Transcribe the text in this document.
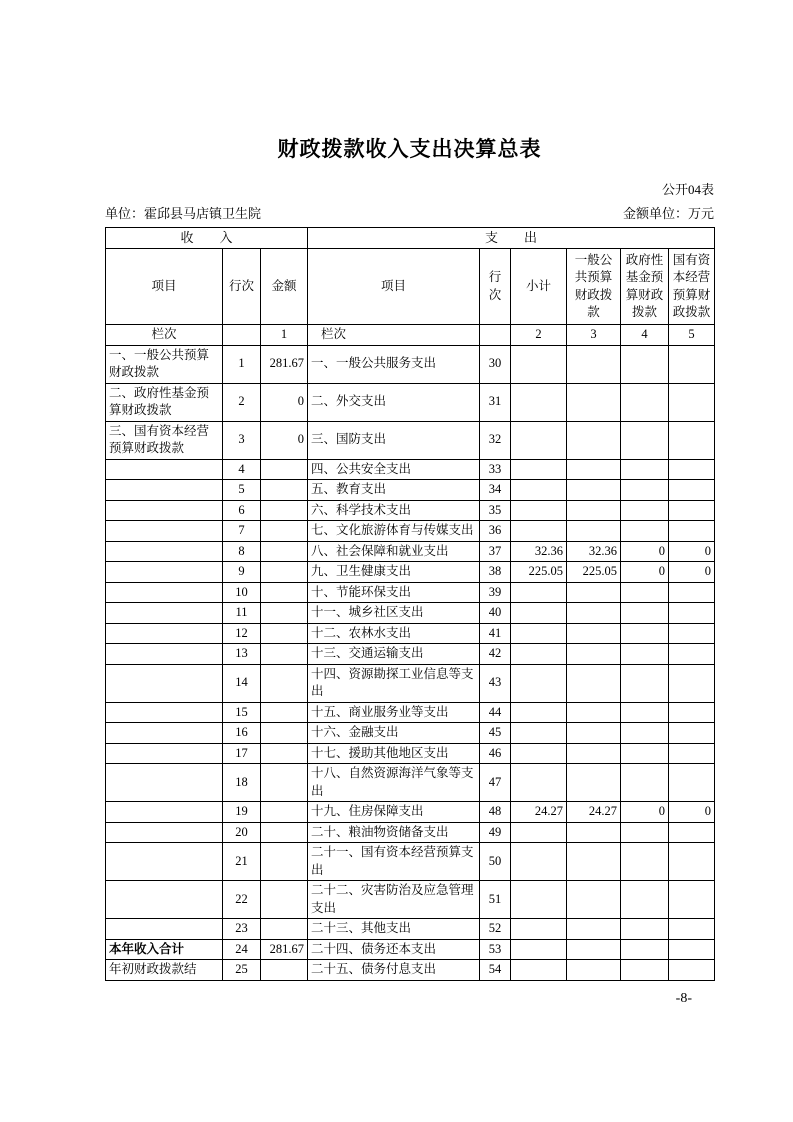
财政拨款收入支出决算总表
公开04表
单位：霍邱县马店镇卫生院	金额单位：万元
收　　入			支　　出					
项目	行次	金额	项目	行次	小计	一般公共预算财政拨款	政府性基金预算财政拨款	国有资本经营预算财政拨款
栏次		1	栏次		2	3	4	5
一、一般公共预算财政拨款	1	281.67	一、一般公共服务支出	30				
二、政府性基金预算财政拨款	2	0	二、外交支出	31				
三、国有资本经营预算财政拨款	3	0	三、国防支出	32				
	4		四、公共安全支出	33				
	5		五、教育支出	34				
	6		六、科学技术支出	35				
	7		七、文化旅游体育与传媒支出	36				
	8		八、社会保障和就业支出	37	32.36	32.36	0	0
	9		九、卫生健康支出	38	225.05	225.05	0	0
	10		十、节能环保支出	39				
	11		十一、城乡社区支出	40				
	12		十二、农林水支出	41				
	13		十三、交通运输支出	42				
	14		十四、资源勘探工业信息等支出	43				
	15		十五、商业服务业等支出	44				
	16		十六、金融支出	45				
	17		十七、援助其他地区支出	46				
	18		十八、自然资源海洋气象等支出	47				
	19		十九、住房保障支出	48	24.27	24.27	0	0
	20		二十、粮油物资储备支出	49				
	21		二十一、国有资本经营预算支出	50				
	22		二十二、灾害防治及应急管理支出	51				
	23		二十三、其他支出	52				
本年收入合计	24	281.67	二十四、债务还本支出	53				
年初财政拨款结	25		二十五、债务付息支出	54				
-8-
